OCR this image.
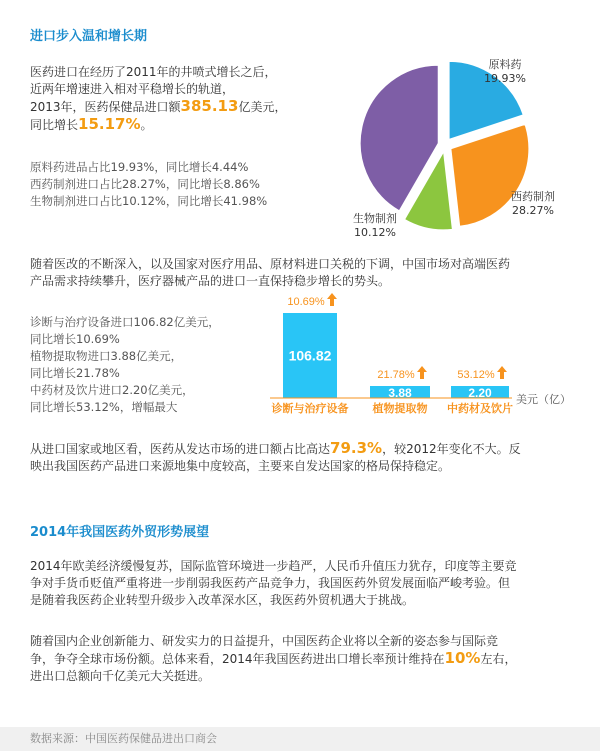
进口步入温和增长期
医药进口在经历了2011年的井喷式增长之后，
近两年增速进入相对平稳增长的轨道，
2013年，医药保健品进口额385.13亿美元，
同比增长15.17%。
原料药进品占比19.93%，同比增长4.44%
西药制剂进口占比28.27%，同比增长8.86%
生物制剂进口占比10.12%，同比增长41.98%
原料药
19.93%
西药制剂
28.27%
生物制剂
10.12%
随着医改的不断深入，以及国家对医疗用品、原材料进口关税的下调，中国市场对高端医药
产品需求持续攀升，医疗器械产品的进口一直保持稳步增长的势头。
诊断与治疗设备进口106.82亿美元，
同比增长10.69%
植物提取物进口3.88亿美元，
同比增长21.78%
中药材及饮片进口2.20亿美元，
同比增长53.12%，增幅最大
106.82
10.69%
诊断与治疗设备
3.88
21.78%
植物提取物
2.20
53.12%
中药材及饮片
美元（亿）
从进口国家或地区看，医药从发达市场的进口额占比高达79.3%，较2012年变化不大。反
映出我国医药产品进口来源地集中度较高，主要来自发达国家的格局保持稳定。
2014年我国医药外贸形势展望
2014年欧美经济缓慢复苏，国际监管环境进一步趋严，人民币升值压力犹存，印度等主要竞
争对手货币贬值严重将进一步削弱我医药产品竞争力，我国医药外贸发展面临严峻考验。但
是随着我医药企业转型升级步入改革深水区，我医药外贸机遇大于挑战。
随着国内企业创新能力、研发实力的日益提升，中国医药企业将以全新的姿态参与国际竞
争，争夺全球市场份额。总体来看，2014年我国医药进出口增长率预计维持在10%左右，
进出口总额向千亿美元大关挺进。
数据来源：中国医药保健品进出口商会
